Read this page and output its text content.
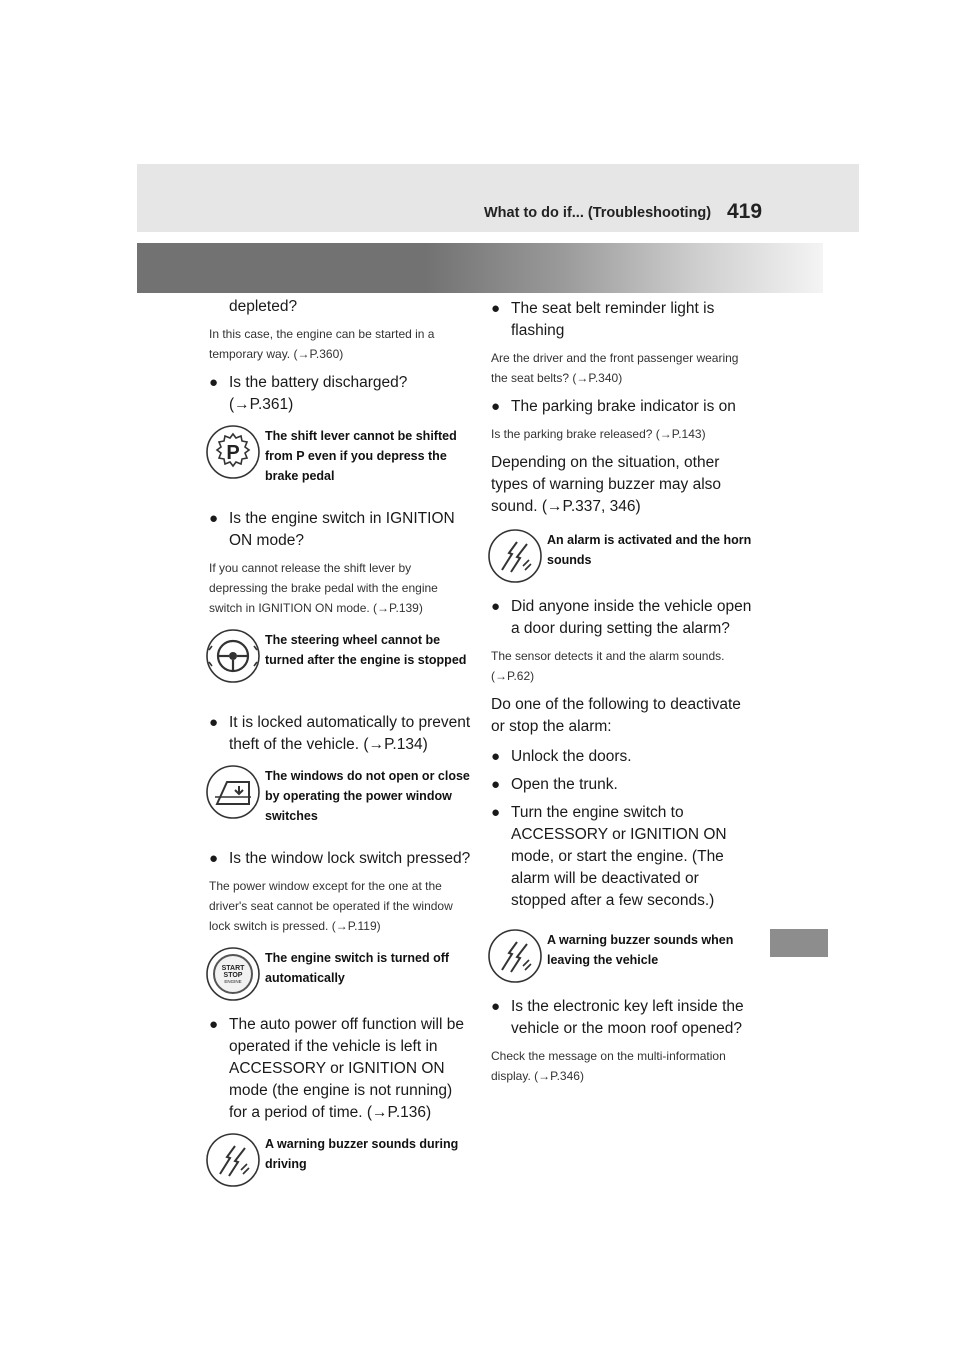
What to do if... (Troubleshooting) 419

depleted?

In this case, the engine can be started in a temporary way. (→P.360)

● Is the battery discharged? (→P.361)
P
The shift lever cannot be shifted from P even if you depress the brake pedal
● Is the engine switch in IGNITION ON mode?

If you cannot release the shift lever by depressing the brake pedal with the engine switch in IGNITION ON mode. (→P.139)

The steering wheel cannot be turned after the engine is stopped
● It is locked automatically to prevent theft of the vehicle. (→P.134)
The windows do not open or close by operating the power window switches
● Is the window lock switch pressed?

The power window except for the one at the driver's seat cannot be operated if the window lock switch is pressed. (→P.119)

START
STOP
ENGINE
The engine switch is turned off automatically
● The auto power off function will be operated if the vehicle is left in ACCESSORY or IGNITION ON mode (the engine is not running) for a period of time. (→P.136)
A warning buzzer sounds during driving
● The seat belt reminder light is flashing

Are the driver and the front passenger wearing the seat belts? (→P.340)

● The parking brake indicator is on

Is the parking brake released? (→P.143)

Depending on the situation, other types of warning buzzer may also sound. (→P.337, 346)

An alarm is activated and the horn sounds
● Did anyone inside the vehicle open a door during setting the alarm?

The sensor detects it and the alarm sounds. (→P.62)

Do one of the following to deactivate or stop the alarm:

● Unlock the doors.
● Open the trunk.
● Turn the engine switch to ACCESSORY or IGNITION ON mode, or start the engine. (The alarm will be deactivated or stopped after a few seconds.)
A warning buzzer sounds when leaving the vehicle
● Is the electronic key left inside the vehicle or the moon roof opened?

Check the message on the multi-information display. (→P.346)
